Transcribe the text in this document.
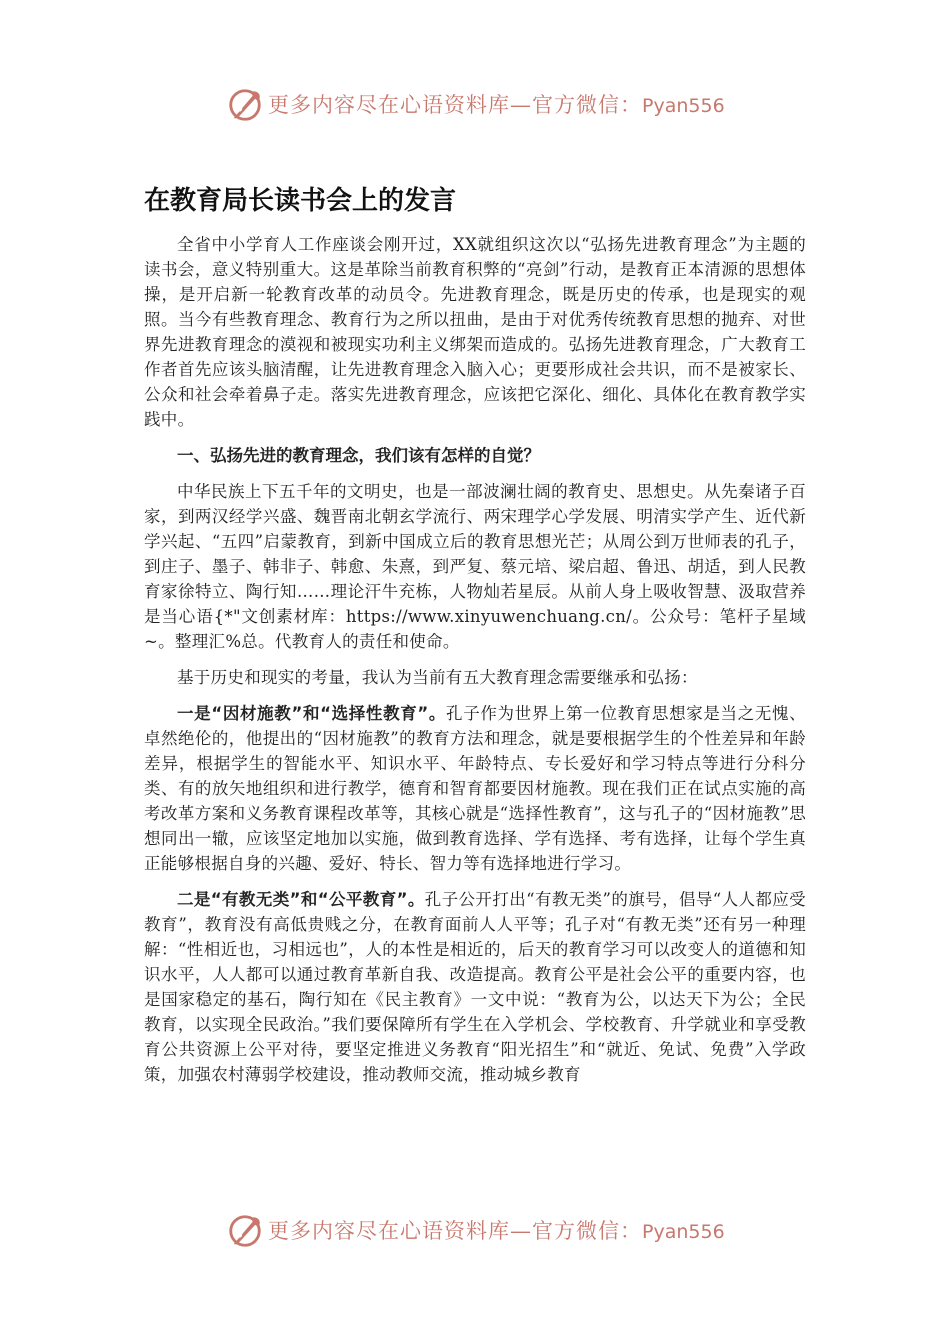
更多内容尽在心语资料库—官方微信：Pyan556
在教育局长读书会上的发言

全省中小学育人工作座谈会刚开过，XX就组织这次以“弘扬先进教育理念”为主题的读书会，意义特别重大。这是革除当前教育积弊的“亮剑”行动，是教育正本清源的思想体操，是开启新一轮教育改革的动员令。先进教育理念，既是历史的传承，也是现实的观照。当今有些教育理念、教育行为之所以扭曲，是由于对优秀传统教育思想的抛弃、对世界先进教育理念的漠视和被现实功利主义绑架而造成的。弘扬先进教育理念，广大教育工作者首先应该头脑清醒，让先进教育理念入脑入心；更要形成社会共识，而不是被家长、公众和社会牵着鼻子走。落实先进教育理念，应该把它深化、细化、具体化在教育教学实践中。

一、弘扬先进的教育理念，我们该有怎样的自觉？

中华民族上下五千年的文明史，也是一部波澜壮阔的教育史、思想史。从先秦诸子百家，到两汉经学兴盛、魏晋南北朝玄学流行、两宋理学心学发展、明清实学产生、近代新学兴起、“五四”启蒙教育，到新中国成立后的教育思想光芒；从周公到万世师表的孔子，到庄子、墨子、韩非子、韩愈、朱熹，到严复、蔡元培、梁启超、鲁迅、胡适，到人民教育家徐特立、陶行知……理论汗牛充栋，人物灿若星辰。从前人身上吸收智慧、汲取营养是当心语{*"文创素材库：https://www.xinyuwenchuang.cn/。公众号：笔杆子星域~。整理汇%总。代教育人的责任和使命。

基于历史和现实的考量，我认为当前有五大教育理念需要继承和弘扬：

一是“因材施教”和“选择性教育”。孔子作为世界上第一位教育思想家是当之无愧、卓然绝伦的，他提出的“因材施教”的教育方法和理念，就是要根据学生的个性差异和年龄差异，根据学生的智能水平、知识水平、年龄特点、专长爱好和学习特点等进行分科分类、有的放矢地组织和进行教学，德育和智育都要因材施教。现在我们正在试点实施的高考改革方案和义务教育课程改革等，其核心就是“选择性教育”，这与孔子的“因材施教”思想同出一辙，应该坚定地加以实施，做到教育选择、学有选择、考有选择，让每个学生真正能够根据自身的兴趣、爱好、特长、智力等有选择地进行学习。

二是“有教无类”和“公平教育”。孔子公开打出“有教无类”的旗号，倡导“人人都应受教育”，教育没有高低贵贱之分，在教育面前人人平等；孔子对“有教无类”还有另一种理解：“性相近也，习相远也”，人的本性是相近的，后天的教育学习可以改变人的道德和知识水平，人人都可以通过教育革新自我、改造提高。教育公平是社会公平的重要内容，也是国家稳定的基石，陶行知在《民主教育》一文中说：“教育为公，以达天下为公；全民教育，以实现全民政治。”我们要保障所有学生在入学机会、学校教育、升学就业和享受教育公共资源上公平对待，要坚定推进义务教育“阳光招生”和“就近、免试、免费”入学政策，加强农村薄弱学校建设，推动教师交流，推动城乡教育

更多内容尽在心语资料库—官方微信：Pyan556
